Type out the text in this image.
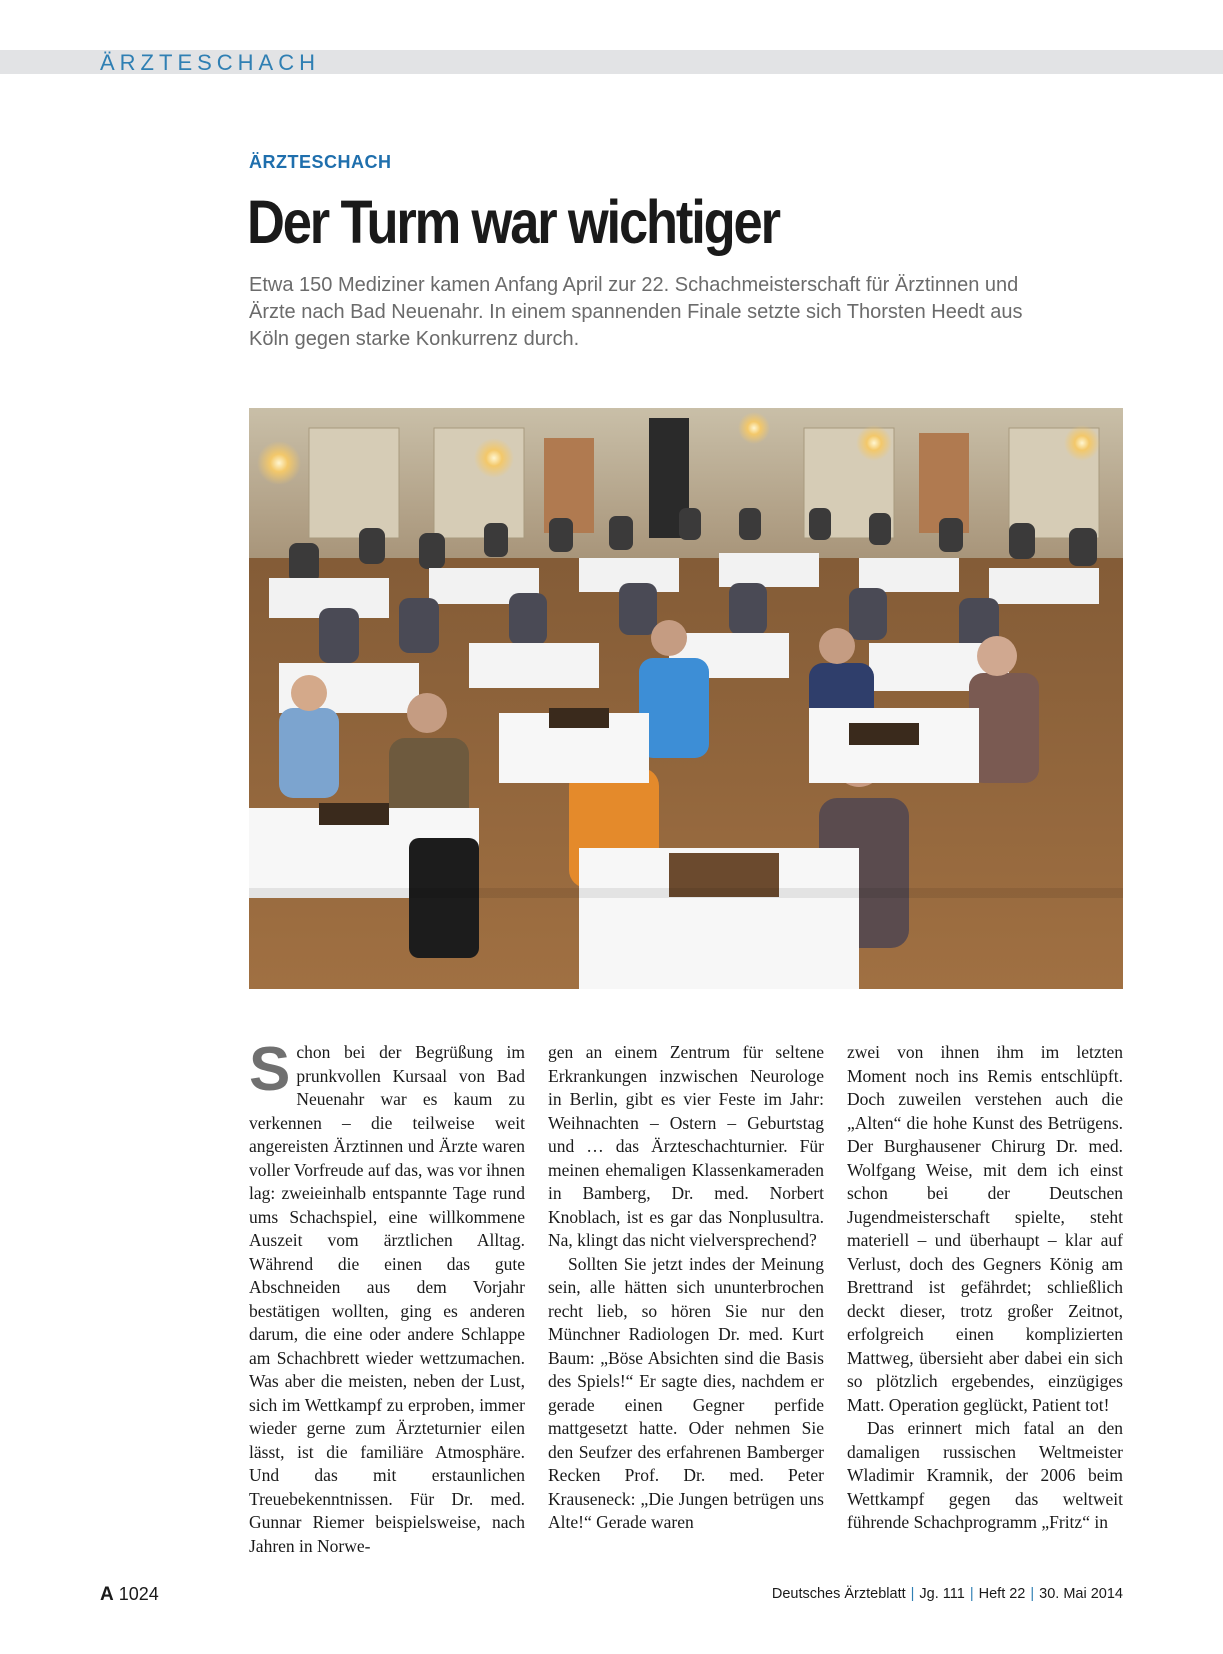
ÄRZTESCHACH
ÄRZTESCHACH
Der Turm war wichtiger

Etwa 150 Mediziner kamen Anfang April zur 22. Schachmeisterschaft für Ärztinnen und Ärzte nach Bad Neuenahr. In einem spannenden Finale setzte sich Thorsten Heedt aus Köln gegen starke Konkurrenz durch.

Schon bei der Begrüßung im prunkvollen Kursaal von Bad Neuenahr war es kaum zu verkennen – die teilweise weit angereisten Ärztinnen und Ärzte waren voller Vorfreude auf das, was vor ihnen lag: zweieinhalb entspannte Tage rund ums Schachspiel, eine willkommene Auszeit vom ärztlichen Alltag. Während die einen das gute Abschneiden aus dem Vorjahr bestätigen wollten, ging es anderen darum, die eine oder andere Schlappe am Schachbrett wieder wettzumachen. Was aber die meisten, neben der Lust, sich im Wettkampf zu erproben, immer wieder gerne zum Ärzteturnier eilen lässt, ist die familiäre Atmosphäre. Und das mit erstaunlichen Treuebekenntnissen. Für Dr. med. Gunnar Riemer beispielsweise, nach Jahren in Norwe-

gen an einem Zentrum für seltene Erkrankungen inzwischen Neurologe in Berlin, gibt es vier Feste im Jahr: Weihnachten – Ostern – Geburtstag und … das Ärzteschachturnier. Für meinen ehemaligen Klassenkameraden in Bamberg, Dr. med. Norbert Knoblach, ist es gar das Nonplusultra. Na, klingt das nicht vielversprechend?

Sollten Sie jetzt indes der Meinung sein, alle hätten sich ununterbrochen recht lieb, so hören Sie nur den Münchner Radiologen Dr. med. Kurt Baum: „Böse Absichten sind die Basis des Spiels!“ Er sagte dies, nachdem er gerade einen Gegner perfide mattgesetzt hatte. Oder nehmen Sie den Seufzer des erfahrenen Bamberger Recken Prof. Dr. med. Peter Krauseneck: „Die Jungen betrügen uns Alte!“ Gerade waren

zwei von ihnen ihm im letzten Moment noch ins Remis entschlüpft. Doch zuweilen verstehen auch die „Alten“ die hohe Kunst des Betrügens. Der Burghausener Chirurg Dr. med. Wolfgang Weise, mit dem ich einst schon bei der Deutschen Jugendmeisterschaft spielte, steht materiell – und überhaupt – klar auf Verlust, doch des Gegners König am Brettrand ist gefährdet; schließlich deckt dieser, trotz großer Zeitnot, erfolgreich einen komplizierten Mattweg, übersieht aber dabei ein sich so plötzlich ergebendes, einzügiges Matt. Operation geglückt, Patient tot!

Das erinnert mich fatal an den damaligen russischen Weltmeister Wladimir Kramnik, der 2006 beim Wettkampf gegen das weltweit führende Schachprogramm „Fritz“ in

A 1024	Deutsches Ärzteblatt | Jg. 111 | Heft 22 | 30. Mai 2014
